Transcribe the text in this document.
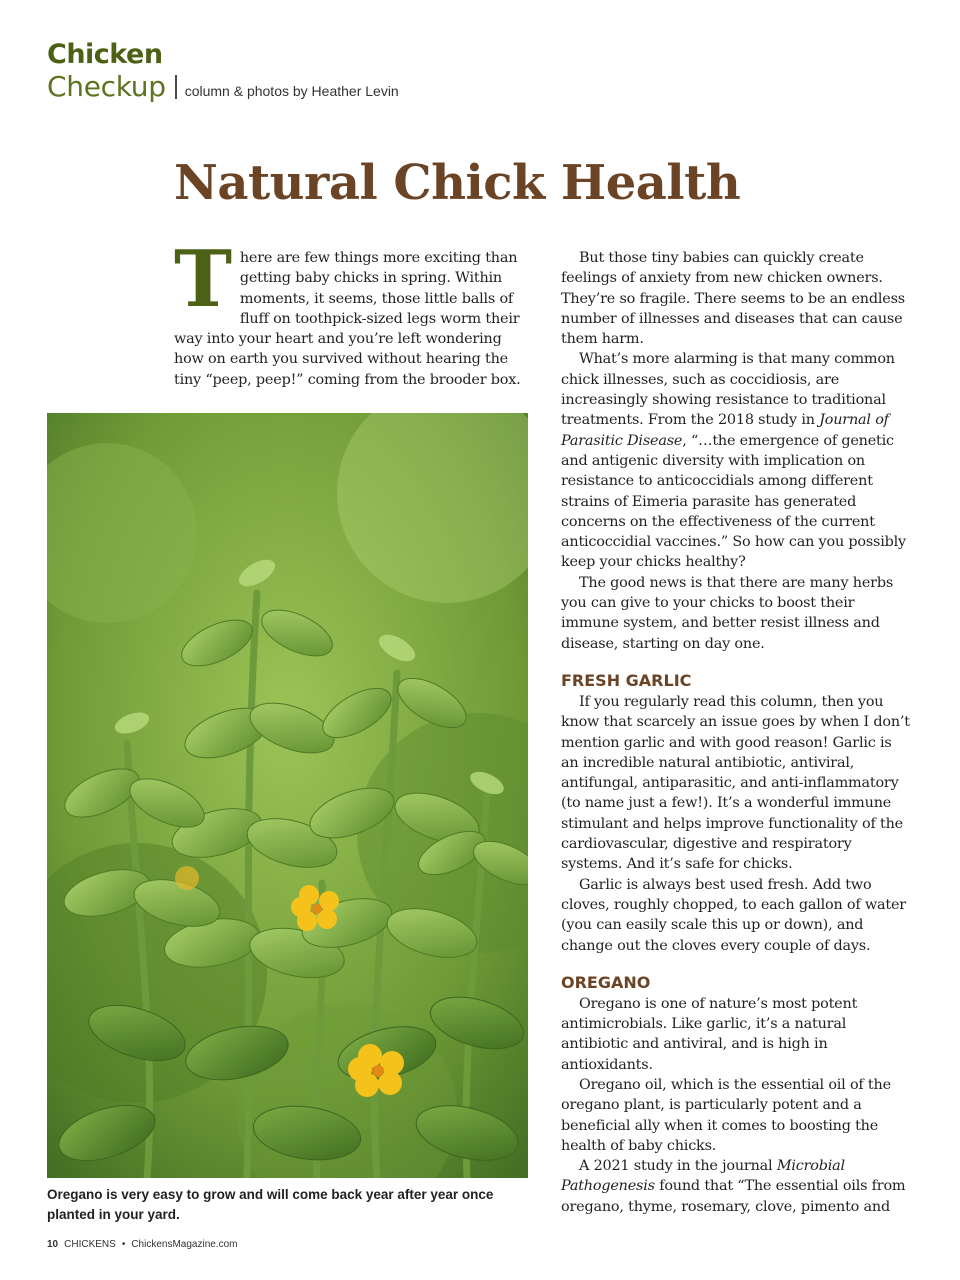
Chicken
Checkup column & photos by Heather Levin
Natural Chick Health
T here are few things more exciting than getting baby chicks in spring. Within moments, it seems, those little balls of fluff on toothpick-sized legs worm their way into your heart and you’re left wondering how on earth you survived without hearing the tiny “peep, peep!” coming from the brooder box.

Oregano is very easy to grow and will come back year after year once planted in your yard.

But those tiny babies can quickly create feelings of anxiety from new chicken owners. They’re so fragile. There seems to be an endless number of illnesses and diseases that can cause them harm.

What’s more alarming is that many common chick illnesses, such as coccidiosis, are increasingly showing resistance to traditional treatments. From the 2018 study in Journal of Parasitic Disease, “…the emergence of genetic and antigenic diversity with implication on resistance to anticoccidials among different strains of Eimeria parasite has generated concerns on the effectiveness of the current anticoccidial vaccines.” So how can you possibly keep your chicks healthy?

The good news is that there are many herbs you can give to your chicks to boost their immune system, and better resist illness and disease, starting on day one.

FRESH GARLIC

If you regularly read this column, then you know that scarcely an issue goes by when I don’t mention garlic and with good reason! Garlic is an incredible natural antibiotic, antiviral, antifungal, antiparasitic, and anti-inflammatory (to name just a few!). It’s a wonderful immune stimulant and helps improve functionality of the cardiovascular, digestive and respiratory systems. And it’s safe for chicks.

Garlic is always best used fresh. Add two cloves, roughly chopped, to each gallon of water (you can easily scale this up or down), and change out the cloves every couple of days.

OREGANO

Oregano is one of nature’s most potent antimicrobials. Like garlic, it’s a natural antibiotic and antiviral, and is high in antioxidants.

Oregano oil, which is the essential oil of the oregano plant, is particularly potent and a beneficial ally when it comes to boosting the health of baby chicks.

A 2021 study in the journal Microbial Pathogenesis found that “The essential oils from oregano, thyme, rosemary, clove, pimento and

10 CHICKENS • ChickensMagazine.com
